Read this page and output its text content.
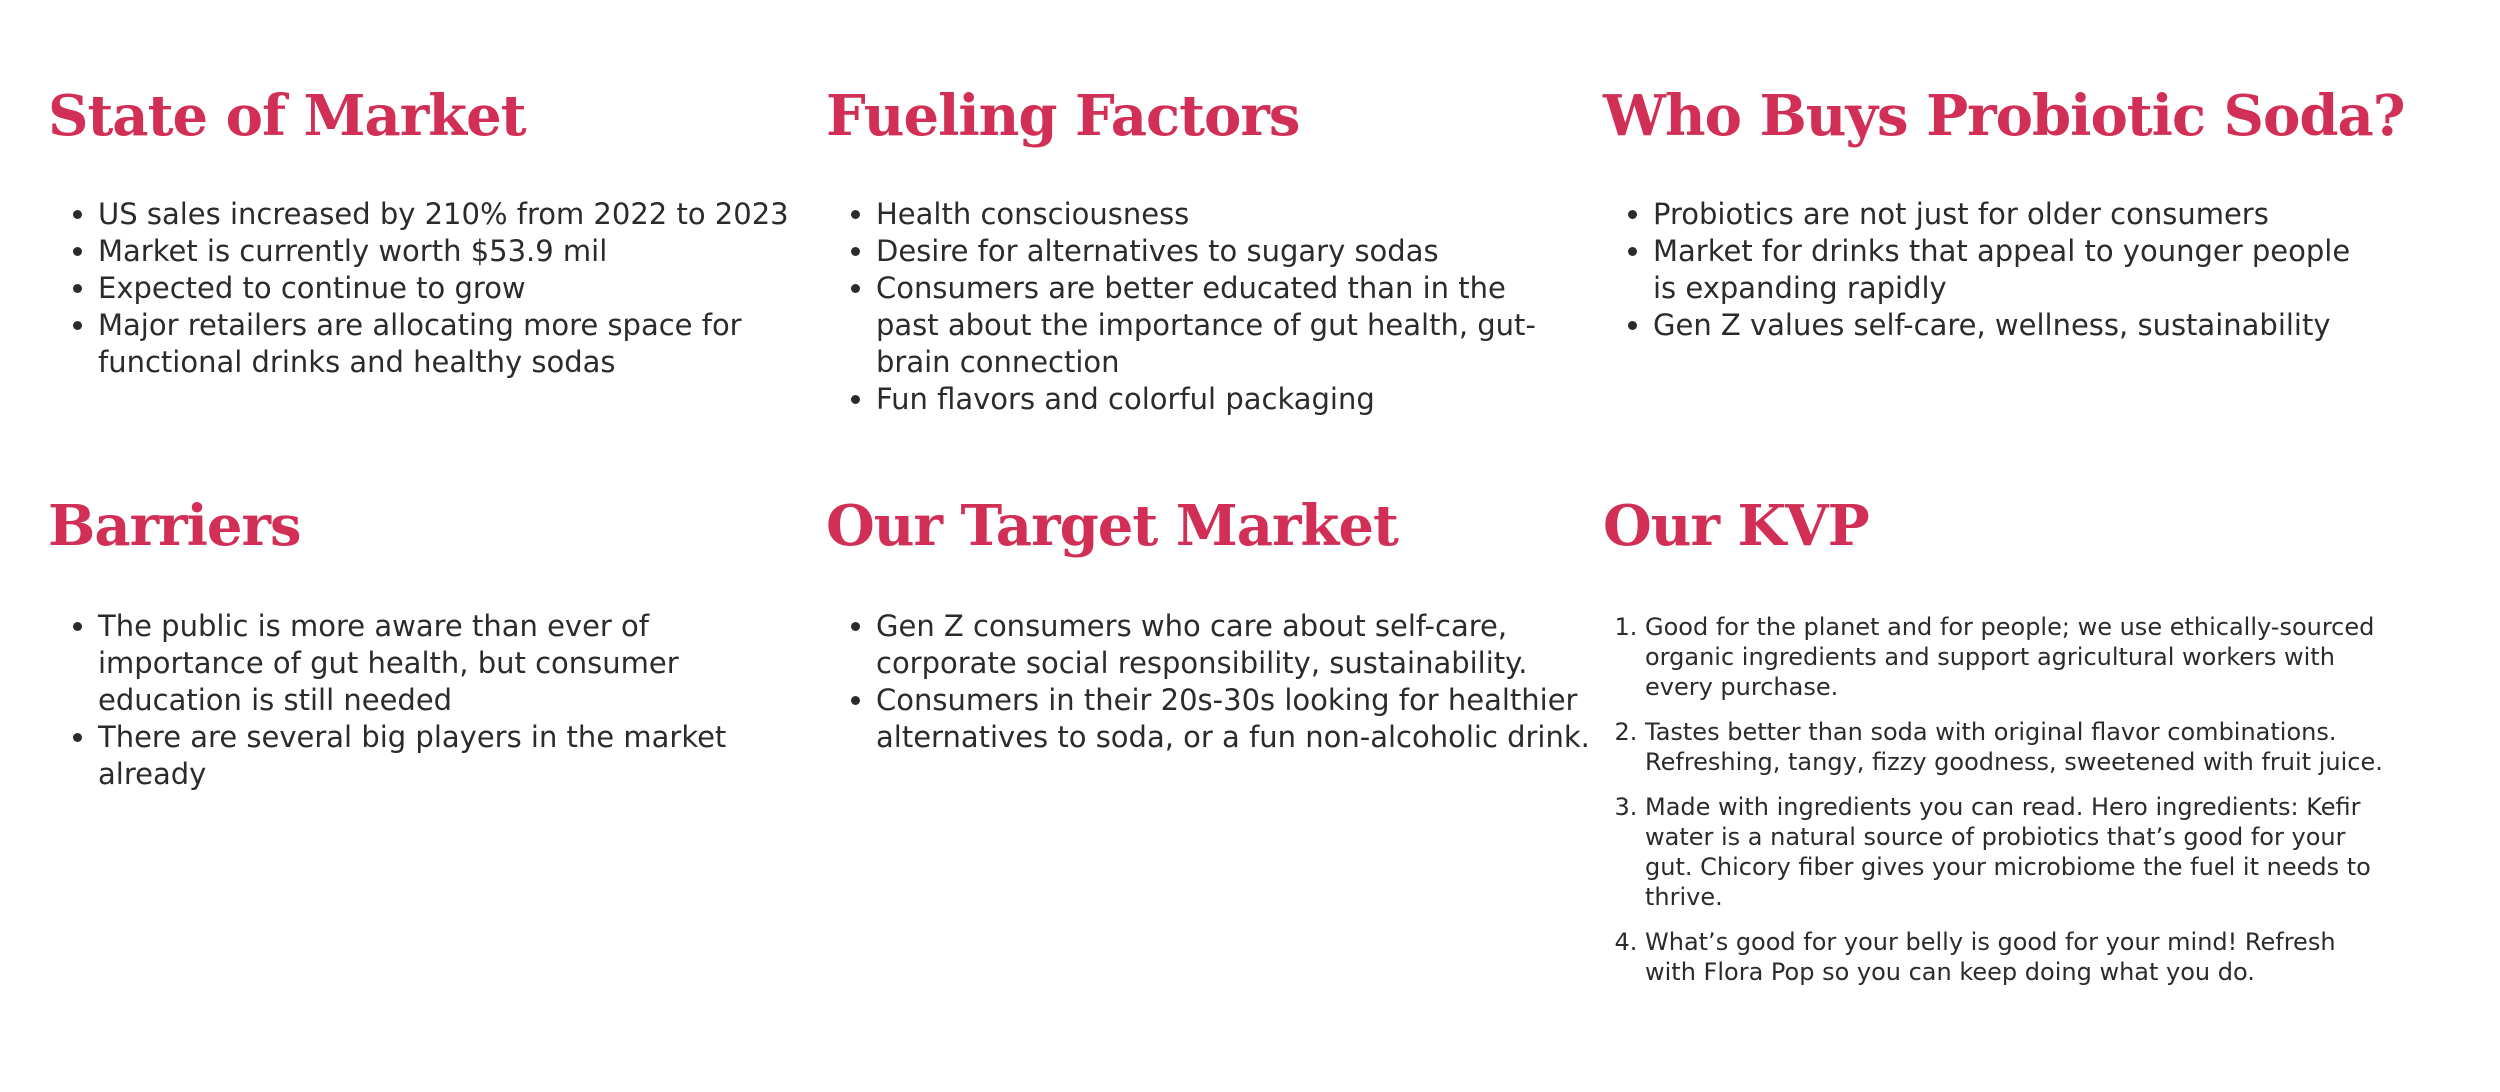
State of Market
• US sales increased by 210% from 2022 to 2023
• Market is currently worth $53.9 mil
• Expected to continue to grow
• Major retailers are allocating more space for functional drinks and healthy sodas
Fueling Factors
• Health consciousness
• Desire for alternatives to sugary sodas
• Consumers are better educated than in the past about the importance of gut health, gut-brain connection
• Fun flavors and colorful packaging
Who Buys Probiotic Soda?
• Probiotics are not just for older consumers
• Market for drinks that appeal to younger people is expanding rapidly
• Gen Z values self-care, wellness, sustainability
Barriers
• The public is more aware than ever of importance of gut health, but consumer education is still needed
• There are several big players in the market already
Our Target Market
• Gen Z consumers who care about self-care, corporate social responsibility, sustainability.
• Consumers in their 20s-30s looking for healthier alternatives to soda, or a fun non-alcoholic drink.
Our KVP
1. Good for the planet and for people; we use ethically-sourced organic ingredients and support agricultural workers with every purchase.
2. Tastes better than soda with original flavor combinations. Refreshing, tangy, fizzy goodness, sweetened with fruit juice.
3. Made with ingredients you can read. Hero ingredients: Kefir water is a natural source of probiotics that’s good for your gut. Chicory fiber gives your microbiome the fuel it needs to thrive.
4. What’s good for your belly is good for your mind! Refresh with Flora Pop so you can keep doing what you do.
